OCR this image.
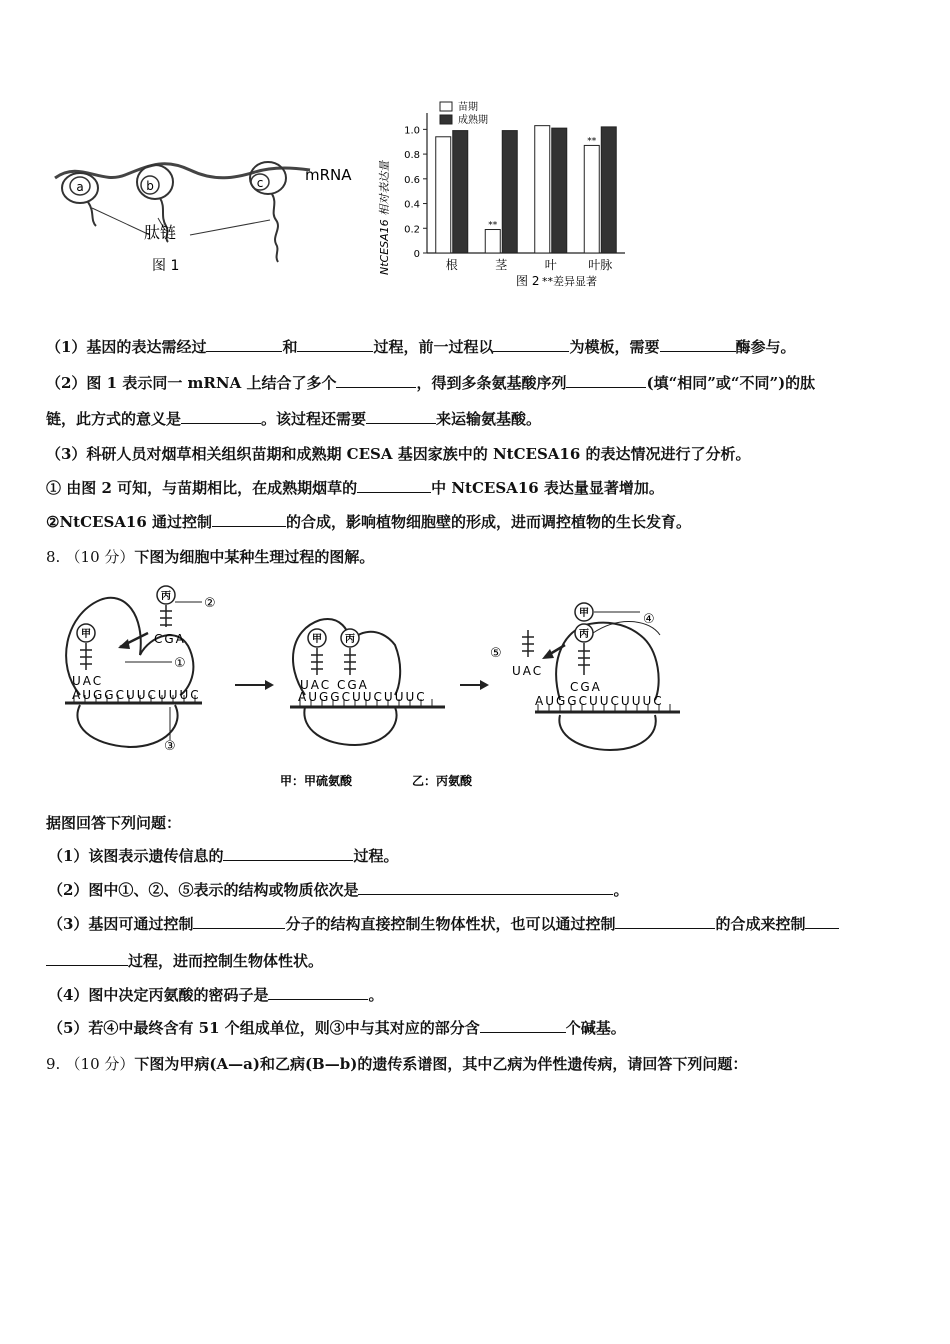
a	b	c	mRNA
肽链
图 1	NtCESA16 相对表达量
苗期
成熟期
0
0.2
0.4
0.6
0.8
1.0
根	茎	叶	叶脉
**
**
图 2 **差异显著
（1）基因的表达需经过	和	过程，前一过程以	为模板，需要	酶参与。
（2）图 1 表示同一 mRNA 上结合了多个	，得到多条氨基酸序列	(填“相同”或“不同”)的肽
链，此方式的意义是	。该过程还需要	来运输氨基酸。
（3）科研人员对烟草相关组织苗期和成熟期 CESA 基因家族中的 NtCESA16 的表达情况进行了分析。
① 由图 2 可知，与苗期相比，在成熟期烟草的	中 NtCESA16 表达量显著增加。
②NtCESA16 通过控制	的合成，影响植物细胞壁的形成，进而调控植物的生长发育。
8. （10 分）下图为细胞中某种生理过程的图解。
AUGGCUUCUUUC
UAC
甲
丙
CGA
②
①
③
AUGGCUUCUUUC
UAC CGA
甲 丙
AUGGCUUCUUUC
CGA
甲
丙
④
⑤
UAC
甲：甲硫氨酸	乙：丙氨酸
据图回答下列问题：
（1）该图表示遗传信息的	过程。
（2）图中①、②、⑤表示的结构或物质依次是	。
（3）基因可通过控制	分子的结构直接控制生物体性状，也可以通过控制	的合成来控制
过程，进而控制生物体性状。
（4）图中决定丙氨酸的密码子是	。
（5）若④中最终含有 51 个组成单位，则③中与其对应的部分含	个碱基。
9. （10 分）下图为甲病(A—a)和乙病(B—b)的遗传系谱图，其中乙病为伴性遗传病，请回答下列问题：
